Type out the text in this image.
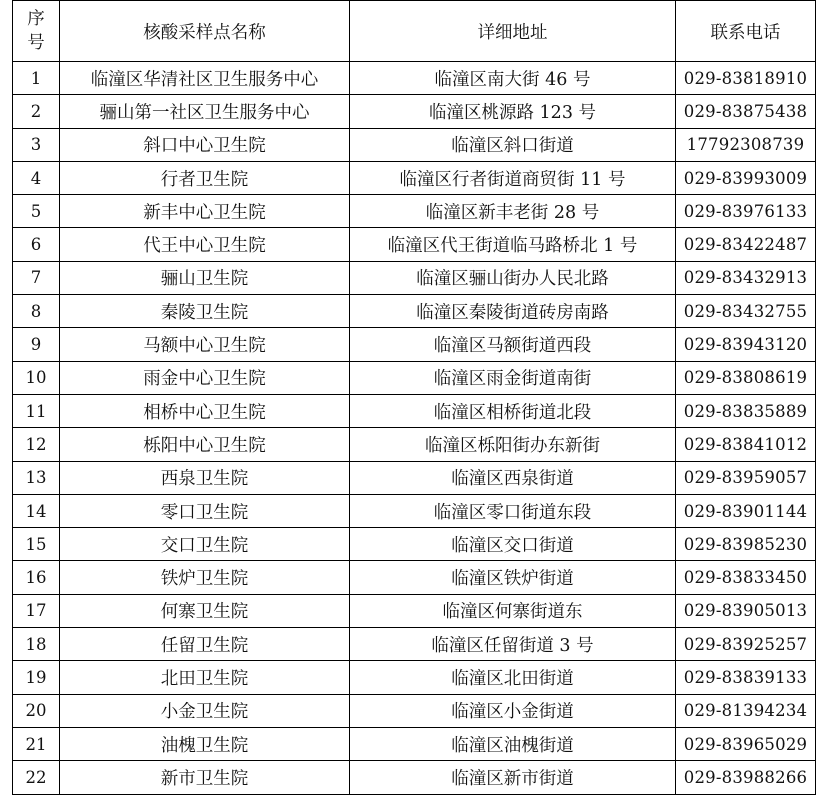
序
号	核酸采样点名称	详细地址	联系电话
1	临潼区华清社区卫生服务中心	临潼区南大街 46 号	029-83818910
2	骊山第一社区卫生服务中心	临潼区桃源路 123 号	029-83875438
3	斜口中心卫生院	临潼区斜口街道	17792308739
4	行者卫生院	临潼区行者街道商贸街 11 号	029-83993009
5	新丰中心卫生院	临潼区新丰老街 28 号	029-83976133
6	代王中心卫生院	临潼区代王街道临马路桥北 1 号	029-83422487
7	骊山卫生院	临潼区骊山街办人民北路	029-83432913
8	秦陵卫生院	临潼区秦陵街道砖房南路	029-83432755
9	马额中心卫生院	临潼区马额街道西段	029-83943120
10	雨金中心卫生院	临潼区雨金街道南街	029-83808619
11	相桥中心卫生院	临潼区相桥街道北段	029-83835889
12	栎阳中心卫生院	临潼区栎阳街办东新街	029-83841012
13	西泉卫生院	临潼区西泉街道	029-83959057
14	零口卫生院	临潼区零口街道东段	029-83901144
15	交口卫生院	临潼区交口街道	029-83985230
16	铁炉卫生院	临潼区铁炉街道	029-83833450
17	何寨卫生院	临潼区何寨街道东	029-83905013
18	任留卫生院	临潼区任留街道 3 号	029-83925257
19	北田卫生院	临潼区北田街道	029-83839133
20	小金卫生院	临潼区小金街道	029-81394234
21	油槐卫生院	临潼区油槐街道	029-83965029
22	新市卫生院	临潼区新市街道	029-83988266
